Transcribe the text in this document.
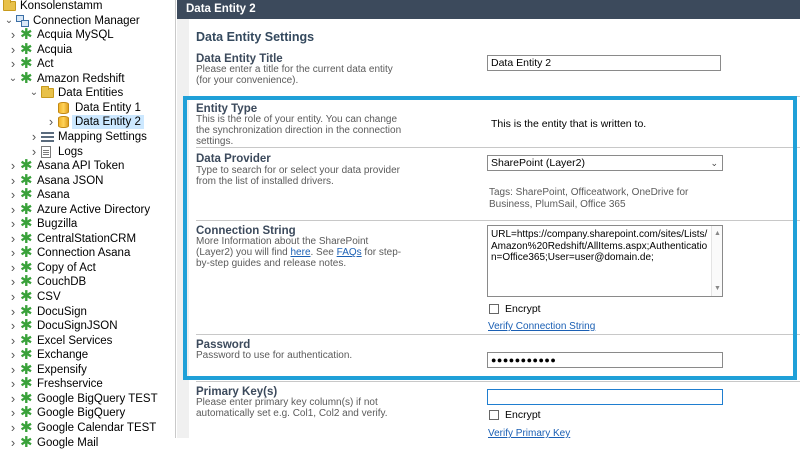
Konsolenstamm
⌄ Connection Manager
› ✱ Acquia MySQL
› ✱ Acquia
› ✱ Act
⌄ ✱ Amazon Redshift
⌄ Data Entities
Data Entity 1
› Data Entity 2
› Mapping Settings
› Logs
› ✱ Asana API Token
› ✱ Asana JSON
› ✱ Asana
› ✱ Azure Active Directory
› ✱ Bugzilla
› ✱ CentralStationCRM
› ✱ Connection Asana
› ✱ Copy of Act
› ✱ CouchDB
› ✱ CSV
› ✱ DocuSign
› ✱ DocuSignJSON
› ✱ Excel Services
› ✱ Exchange
› ✱ Expensify
› ✱ Freshservice
› ✱ Google BigQuery TEST
› ✱ Google BigQuery
› ✱ Google Calendar TEST
› ✱ Google Mail
Data Entity 2
Data Entity Settings
Data Entity Title
Please enter a title for the current data entity (for your convenience).
Data Entity 2
Entity Type
This is the role of your entity. You can change the synchronization direction in the connection settings.
This is the entity that is written to.
Data Provider
Type to search for or select your data provider from the list of installed drivers.
SharePoint (Layer2)	⌄
Tags: SharePoint, Officeatwork, OneDrive for Business, PlumSail, Office 365
Connection String
More Information about the SharePoint (Layer2) you will find here. See FAQs for step-by-step guides and release notes.
URL=https://company.sharepoint.com/sites/Lists/Amazon%20Redshift/AllItems.aspx;Authentication=Office365;User=user@domain.de;
▲
▼
Encrypt
Verify Connection String
Password
Password to use for authentication.	●●●●●●●●●●●
Primary Key(s)
Please enter primary key column(s) if not automatically set e.g. Col1, Col2 and verify.	Encrypt
Verify Primary Key
